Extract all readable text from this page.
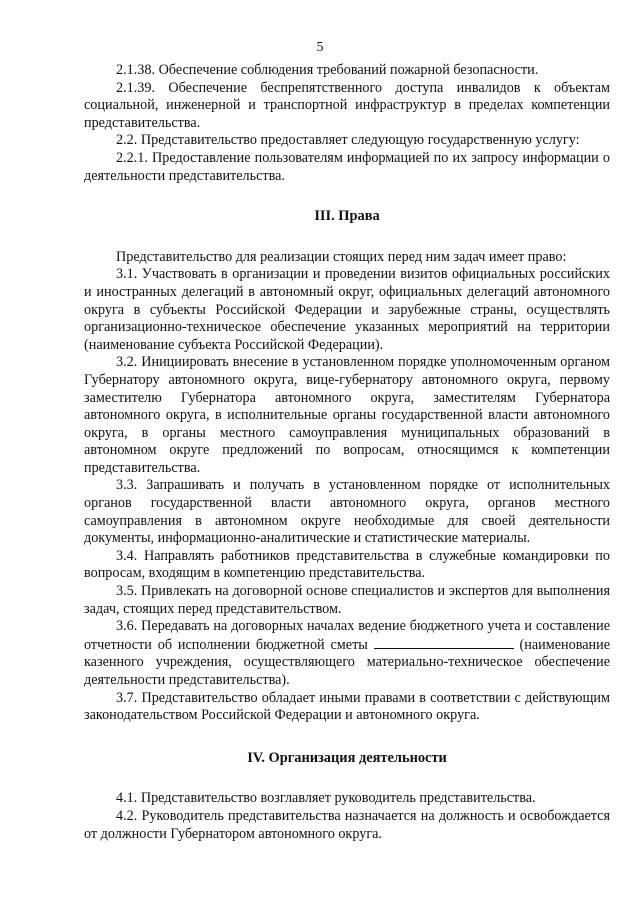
5

2.1.38. Обеспечение соблюдения требований пожарной безопасности.

2.1.39. Обеспечение беспрепятственного доступа инвалидов к объектам социальной, инженерной и транспортной инфраструктур в пределах компетенции представительства.

2.2. Представительство предоставляет следующую государственную услугу:

2.2.1. Предоставление пользователям информацией по их запросу информации о деятельности представительства.

III. Права

Представительство для реализации стоящих перед ним задач имеет право:

3.1. Участвовать в организации и проведении визитов официальных российских и иностранных делегаций в автономный округ, официальных делегаций автономного округа в субъекты Российской Федерации и зарубежные страны, осуществлять организационно-техническое обеспечение указанных мероприятий на территории (наименование субъекта Российской Федерации).

3.2. Инициировать внесение в установленном порядке уполномоченным органом Губернатору автономного округа, вице-губернатору автономного округа, первому заместителю Губернатора автономного округа, заместителям Губернатора автономного округа, в исполнительные органы государственной власти автономного округа, в органы местного самоуправления муниципальных образований в автономном округе предложений по вопросам, относящимся к компетенции представительства.

3.3. Запрашивать и получать в установленном порядке от исполнительных органов государственной власти автономного округа, органов местного самоуправления в автономном округе необходимые для своей деятельности документы, информационно-аналитические и статистические материалы.

3.4. Направлять работников представительства в служебные командировки по вопросам, входящим в компетенцию представительства.

3.5. Привлекать на договорной основе специалистов и экспертов для выполнения задач, стоящих перед представительством.

3.6. Передавать на договорных началах ведение бюджетного учета и составление отчетности об исполнении бюджетной сметы	(наименование казенного учреждения, осуществляющего материально-техническое обеспечение деятельности представительства).

3.7. Представительство обладает иными правами в соответствии с действующим законодательством Российской Федерации и автономного округа.

IV. Организация деятельности

4.1. Представительство возглавляет руководитель представительства.

4.2. Руководитель представительства назначается на должность и освобождается от должности Губернатором автономного округа.
